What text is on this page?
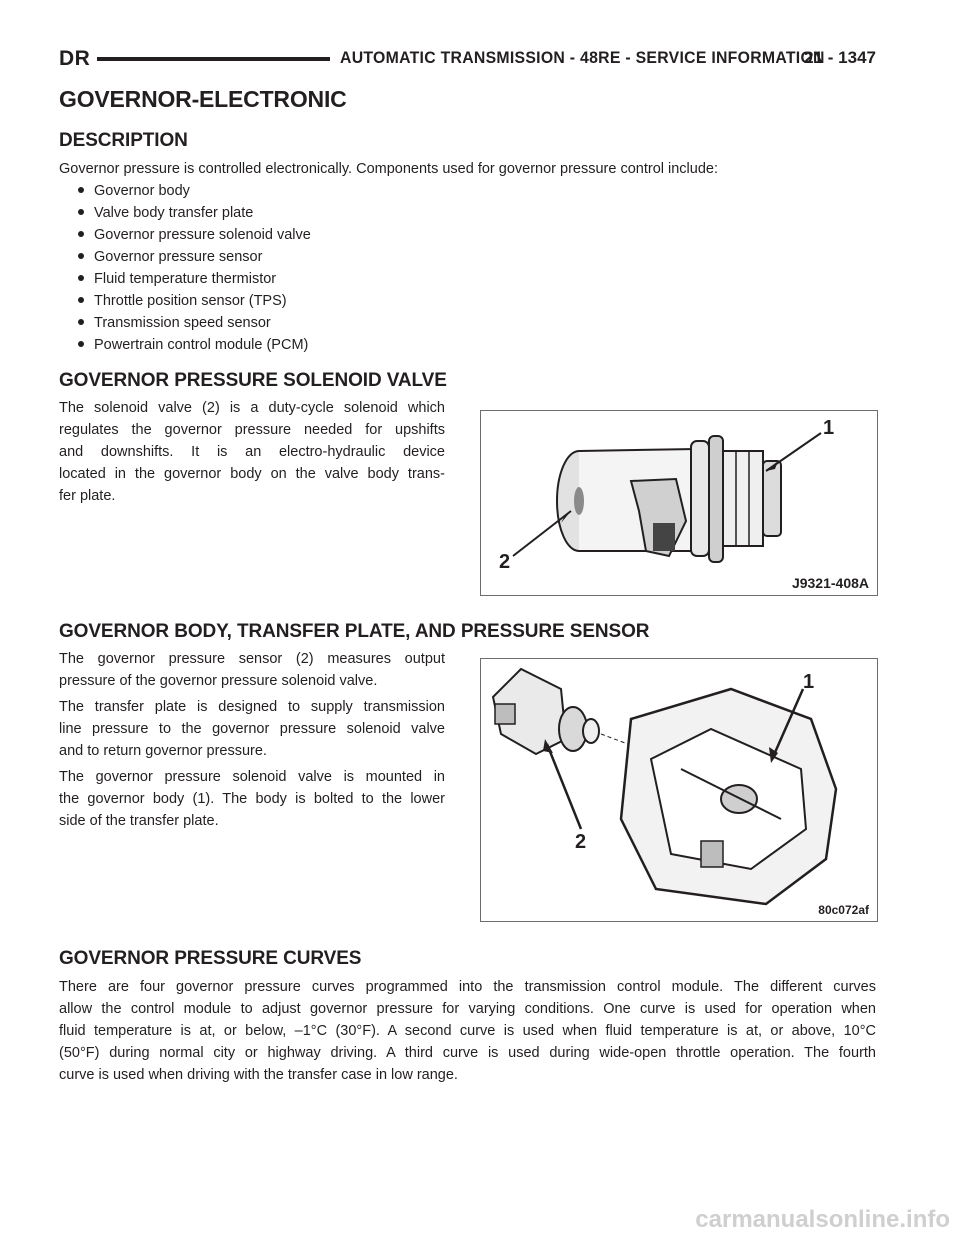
DR	AUTOMATIC TRANSMISSION - 48RE - SERVICE INFORMATION
21 - 1347
GOVERNOR-ELECTRONIC
DESCRIPTION

Governor pressure is controlled electronically. Components used for governor pressure control include:

Governor body
Valve body transfer plate
Governor pressure solenoid valve
Governor pressure sensor
Fluid temperature thermistor
Throttle position sensor (TPS)
Transmission speed sensor
Powertrain control module (PCM)
GOVERNOR PRESSURE SOLENOID VALVE
The solenoid valve (2) is a duty-cycle solenoid which
regulates the governor pressure needed for upshifts
and downshifts. It is an electro-hydraulic device
located in the governor body on the valve body trans-
fer plate.
1
2
J9321-408A
GOVERNOR BODY, TRANSFER PLATE, AND PRESSURE SENSOR
The governor pressure sensor (2) measures output
pressure of the governor pressure solenoid valve.
The transfer plate is designed to supply transmission
line pressure to the governor pressure solenoid valve
and to return governor pressure.
The governor pressure solenoid valve is mounted in
the governor body (1). The body is bolted to the lower
side of the transfer plate.
1
2
80c072af
GOVERNOR PRESSURE CURVES
There are four governor pressure curves programmed into the transmission control module. The different curves
allow the control module to adjust governor pressure for varying conditions. One curve is used for operation when
fluid temperature is at, or below, –1°C (30°F). A second curve is used when fluid temperature is at, or above, 10°C
(50°F) during normal city or highway driving. A third curve is used during wide-open throttle operation. The fourth
curve is used when driving with the transfer case in low range.
carmanualsonline.info
